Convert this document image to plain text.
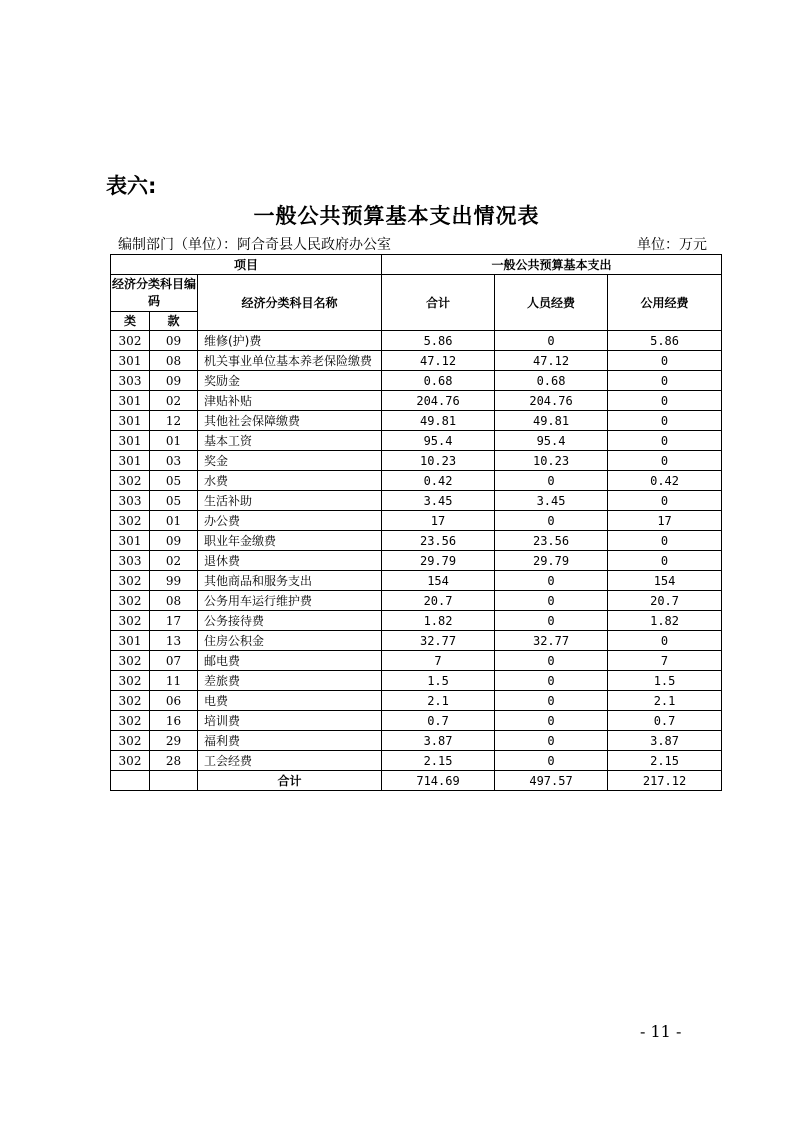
表六:
一般公共预算基本支出情况表
编制部门（单位）：阿合奇县人民政府办公室	单位：万元
项目			一般公共预算基本支出		
经济分类科目编码		经济分类科目名称	合计	人员经费	公用经费
类	款				
302	09	维修(护)费	5.86	0	5.86
301	08	机关事业单位基本养老保险缴费	47.12	47.12	0
303	09	奖励金	0.68	0.68	0
301	02	津贴补贴	204.76	204.76	0
301	12	其他社会保障缴费	49.81	49.81	0
301	01	基本工资	95.4	95.4	0
301	03	奖金	10.23	10.23	0
302	05	水费	0.42	0	0.42
303	05	生活补助	3.45	3.45	0
302	01	办公费	17	0	17
301	09	职业年金缴费	23.56	23.56	0
303	02	退休费	29.79	29.79	0
302	99	其他商品和服务支出	154	0	154
302	08	公务用车运行维护费	20.7	0	20.7
302	17	公务接待费	1.82	0	1.82
301	13	住房公积金	32.77	32.77	0
302	07	邮电费	7	0	7
302	11	差旅费	1.5	0	1.5
302	06	电费	2.1	0	2.1
302	16	培训费	0.7	0	0.7
302	29	福利费	3.87	0	3.87
302	28	工会经费	2.15	0	2.15
		合计	714.69	497.57	217.12
- 11 -
